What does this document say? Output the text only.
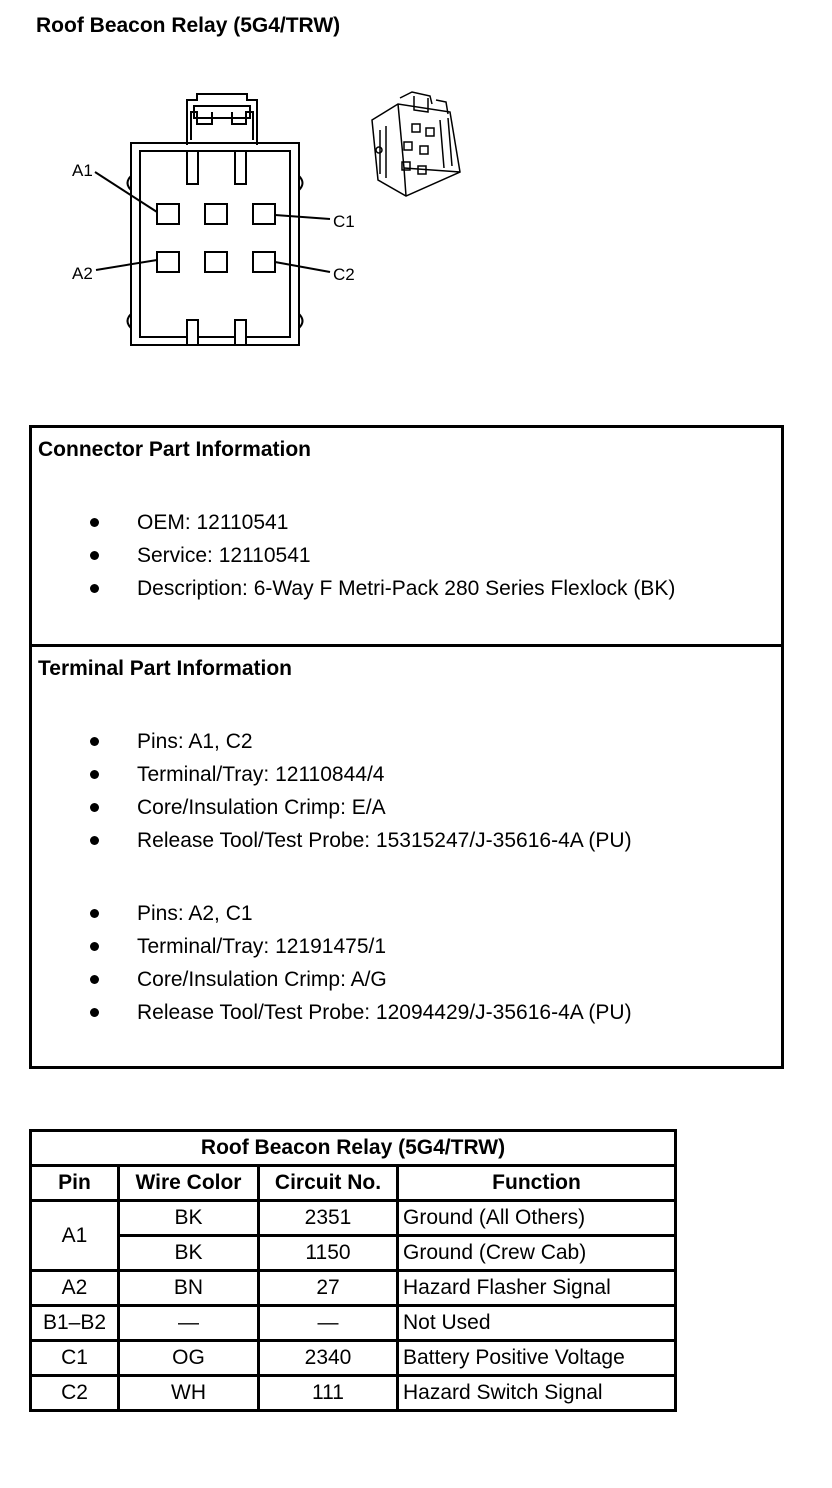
Roof Beacon Relay (5G4/TRW)
A1
A2
C1
C2
Connector Part Information
OEM: 12110541
Service: 12110541
Description: 6-Way F Metri-Pack 280 Series Flexlock (BK)
Terminal Part Information
Pins: A1, C2
Terminal/Tray: 12110844/4
Core/Insulation Crimp: E/A
Release Tool/Test Probe: 15315247/J-35616-4A (PU)
Pins: A2, C1
Terminal/Tray: 12191475/1
Core/Insulation Crimp: A/G
Release Tool/Test Probe: 12094429/J-35616-4A (PU)
Roof Beacon Relay (5G4/TRW)			
Pin	Wire Color	Circuit No.	Function
A1	BK	2351	Ground (All Others)
	BK	1150	Ground (Crew Cab)
A2	BN	27	Hazard Flasher Signal
B1–B2	—	—	Not Used
C1	OG	2340	Battery Positive Voltage
C2	WH	111	Hazard Switch Signal
